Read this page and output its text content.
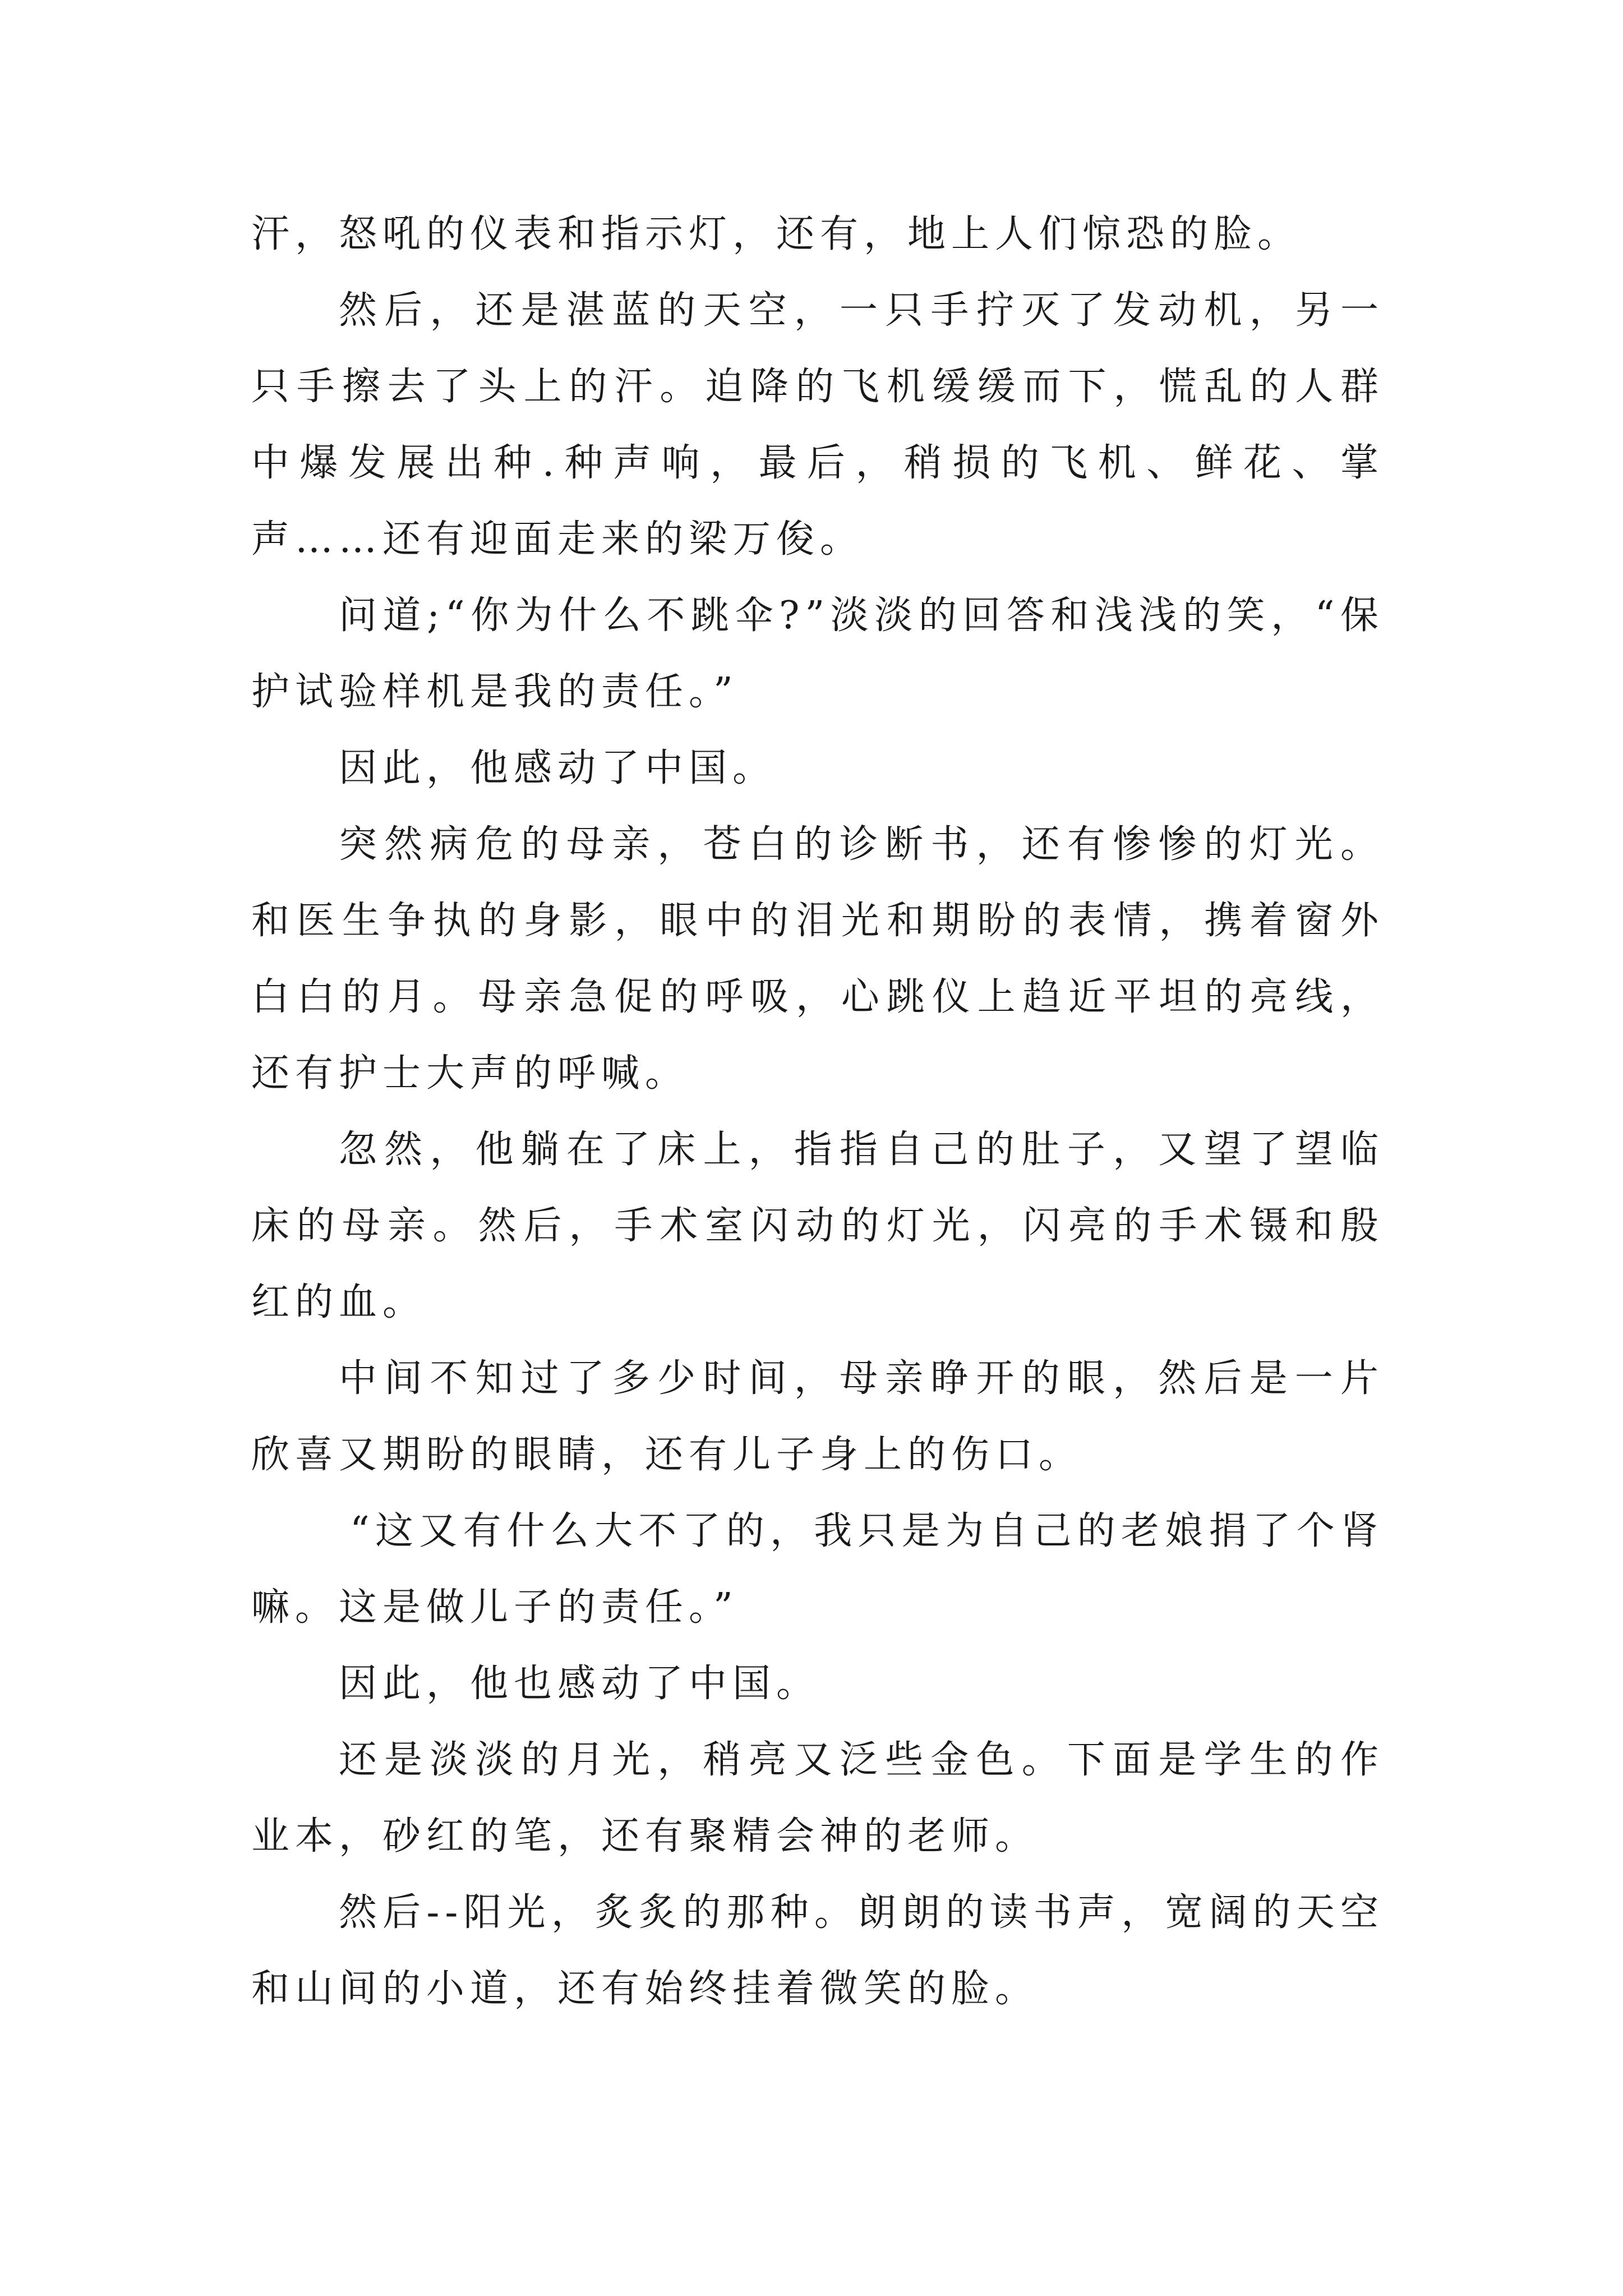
汗，怒吼的仪表和指示灯，还有，地上人们惊恐的脸。

然后，还是湛蓝的天空，一只手拧灭了发动机，另一只手擦去了头上的汗。迫降的飞机缓缓而下，慌乱的人群中爆发展出种.种声响，最后，稍损的飞机、鲜花、掌声……还有迎面走来的梁万俊。

问道;“你为什么不跳伞?”淡淡的回答和浅浅的笑，“保护试验样机是我的责任。”

因此，他感动了中国。

突然病危的母亲，苍白的诊断书，还有惨惨的灯光。和医生争执的身影，眼中的泪光和期盼的表情，携着窗外白白的月。母亲急促的呼吸，心跳仪上趋近平坦的亮线，还有护士大声的呼喊。

忽然，他躺在了床上，指指自己的肚子，又望了望临床的母亲。然后，手术室闪动的灯光，闪亮的手术镊和殷红的血。

中间不知过了多少时间，母亲睁开的眼，然后是一片欣喜又期盼的眼睛，还有儿子身上的伤口。

“这又有什么大不了的，我只是为自己的老娘捐了个肾嘛。这是做儿子的责任。”

因此，他也感动了中国。

还是淡淡的月光，稍亮又泛些金色。下面是学生的作业本，砂红的笔，还有聚精会神的老师。

然后--阳光，炙炙的那种。朗朗的读书声，宽阔的天空和山间的小道，还有始终挂着微笑的脸。
